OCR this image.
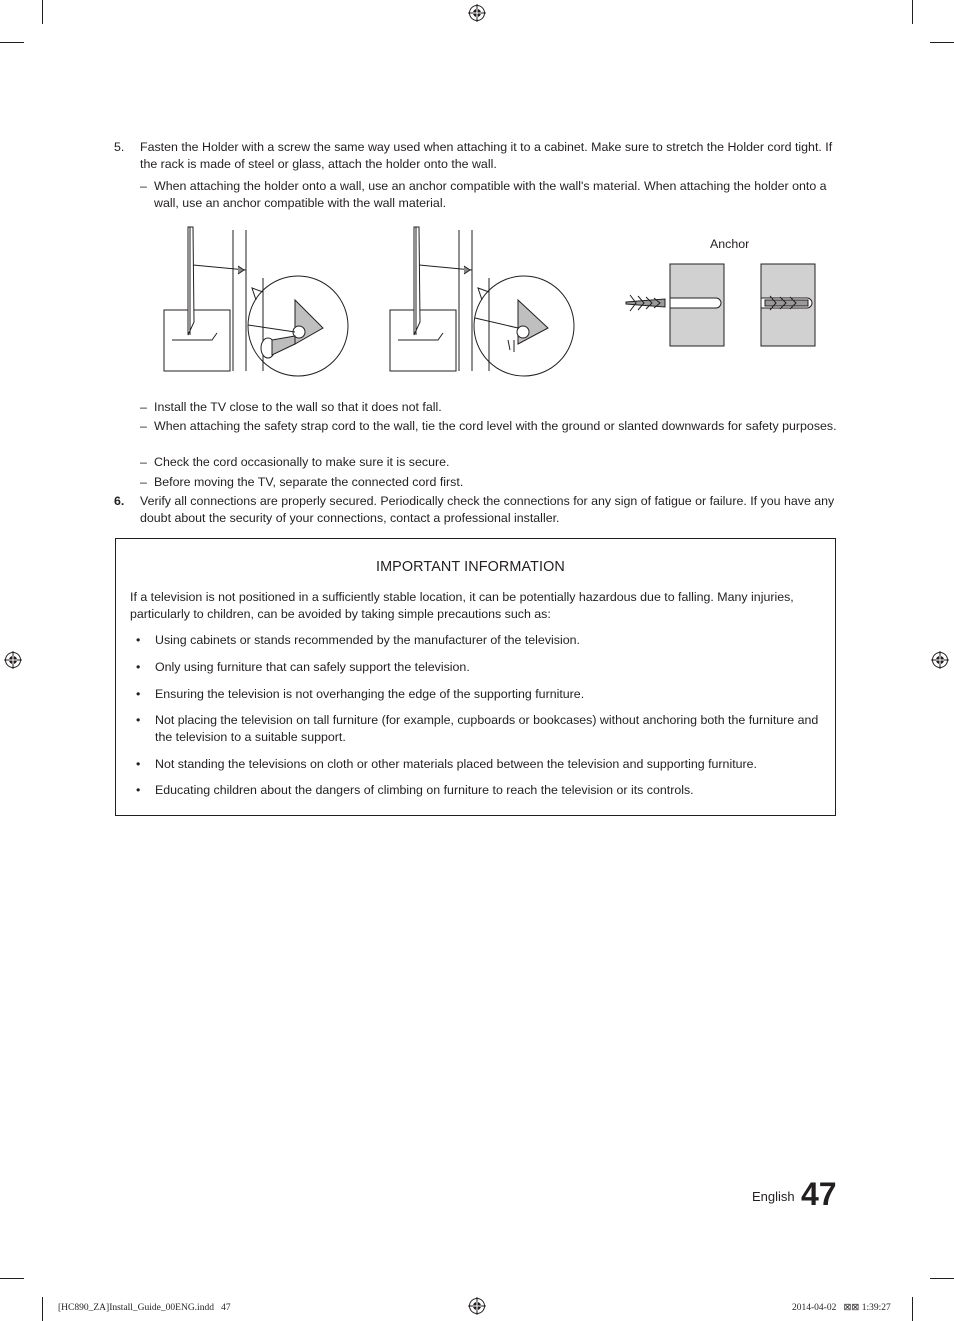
5. Fasten the Holder with a screw the same way used when attaching it to a cabinet. Make sure to stretch the Holder cord tight. If the rack is made of steel or glass, attach the holder onto the wall.
– When attaching the holder onto a wall, use an anchor compatible with the wall's material. When attaching the holder onto a wall, use an anchor compatible with the wall material.
Anchor
– Install the TV close to the wall so that it does not fall.
– When attaching the safety strap cord to the wall, tie the cord level with the ground or slanted downwards for safety purposes.
– Check the cord occasionally to make sure it is secure.
– Before moving the TV, separate the connected cord first.
6. Verify all connections are properly secured. Periodically check the connections for any sign of fatigue or failure. If you have any doubt about the security of your connections, contact a professional installer.
IMPORTANT INFORMATION
If a television is not positioned in a sufficiently stable location, it can be potentially hazardous due to falling. Many injuries, particularly to children, can be avoided by taking simple precautions such as:
• Using cabinets or stands recommended by the manufacturer of the television.
• Only using furniture that can safely support the television.
• Ensuring the television is not overhanging the edge of the supporting furniture.
• Not placing the television on tall furniture (for example, cupboards or bookcases) without anchoring both the furniture and the television to a suitable support.
• Not standing the televisions on cloth or other materials placed between the television and supporting furniture.
• Educating children about the dangers of climbing on furniture to reach the television or its controls.
English 47
[HC890_ZA]Install_Guide_00ENG.indd   47	2014-04-02   ⊠⊠ 1:39:27
